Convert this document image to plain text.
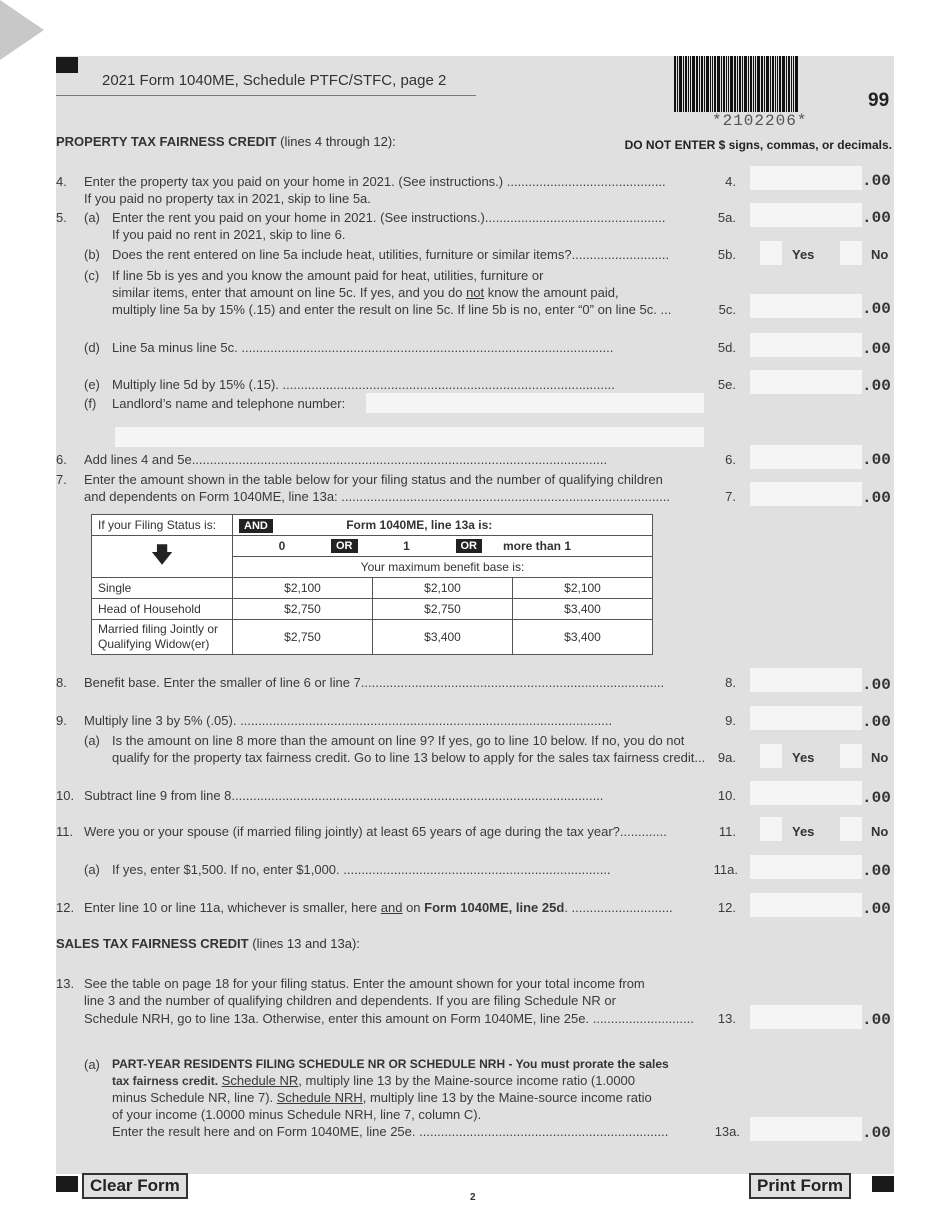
2021 Form 1040ME, Schedule PTFC/STFC, page 2
*2102206*
99
PROPERTY TAX FAIRNESS CREDIT (lines 4 through 12):	DO NOT ENTER $ signs, commas, or decimals.
4. Enter the property tax you paid on your home in 2021. (See instructions.) ............................................	4.
If you paid no property tax in 2021, skip to line 5a.
.00
5. (a) Enter the rent you paid on your home in 2021. (See instructions.)..................................................	5a.
If you paid no rent in 2021, skip to line 6.
.00
(b) Does the rent entered on line 5a include heat, utilities, furniture or similar items?...........................	5b.	Yes	No
(c) If line 5b is yes and you know the amount paid for heat, utilities, furniture or
similar items, enter that amount on line 5c. If yes, and you do not know the amount paid,
multiply line 5a by 15% (.15) and enter the result on line 5c. If line 5b is no, enter “0” on line 5c. ...	5c.	.00
(d) Line 5a minus line 5c. .......................................................................................................	5d.	.00
(e) Multiply line 5d by 15% (.15). ............................................................................................	5e.	.00
(f) Landlord’s name and telephone number:
6. Add lines 4 and 5e...................................................................................................................	6.	.00
7. Enter the amount shown in the table below for your filing status and the number of qualifying children
and dependents on Form 1040ME, line 13a: ...........................................................................................	7.	.00
If your Filing Status is:	AND Form 1040ME, line 13a is:		
🡇	0 OR 1 OR more than 1		

	Your maximum benefit base is:		
Single	$2,100	$2,100	$2,100
Head of Household	$2,750	$2,750	$3,400
Married filing Jointly or
Qualifying Widow(er)	$2,750	$3,400	$3,400
8. Benefit base. Enter the smaller of line 6 or line 7....................................................................................	8.	.00
9. Multiply line 3 by 5% (.05). .......................................................................................................	9.	.00
(a) Is the amount on line 8 more than the amount on line 9? If yes, go to line 10 below. If no, you do not
qualify for the property tax fairness credit. Go to line 13 below to apply for the sales tax fairness credit... 9a.	Yes	No
10. Subtract line 9 from line 8.......................................................................................................	10.	.00
11. Were you or your spouse (if married filing jointly) at least 65 years of age during the tax year?.............	11.	Yes	No
(a) If yes, enter $1,500. If no, enter $1,000. ..........................................................................	11a.	.00
12. Enter line 10 or line 11a, whichever is smaller, here and on Form 1040ME, line 25d. ............................	12.	.00
SALES TAX FAIRNESS CREDIT (lines 13 and 13a):
13. See the table on page 18 for your filing status. Enter the amount shown for your total income from
line 3 and the number of qualifying children and dependents. If you are filing Schedule NR or
Schedule NRH, go to line 13a. Otherwise, enter this amount on Form 1040ME, line 25e. ............................	13.	.00
(a) PART-YEAR RESIDENTS FILING SCHEDULE NR OR SCHEDULE NRH - You must prorate the sales
tax fairness credit. Schedule NR, multiply line 13 by the Maine-source income ratio (1.0000
minus Schedule NR, line 7). Schedule NRH, multiply line 13 by the Maine-source income ratio
of your income (1.0000 minus Schedule NRH, line 7, column C).
Enter the result here and on Form 1040ME, line 25e. .....................................................................	13a.	.00
Clear Form
2
Print Form
